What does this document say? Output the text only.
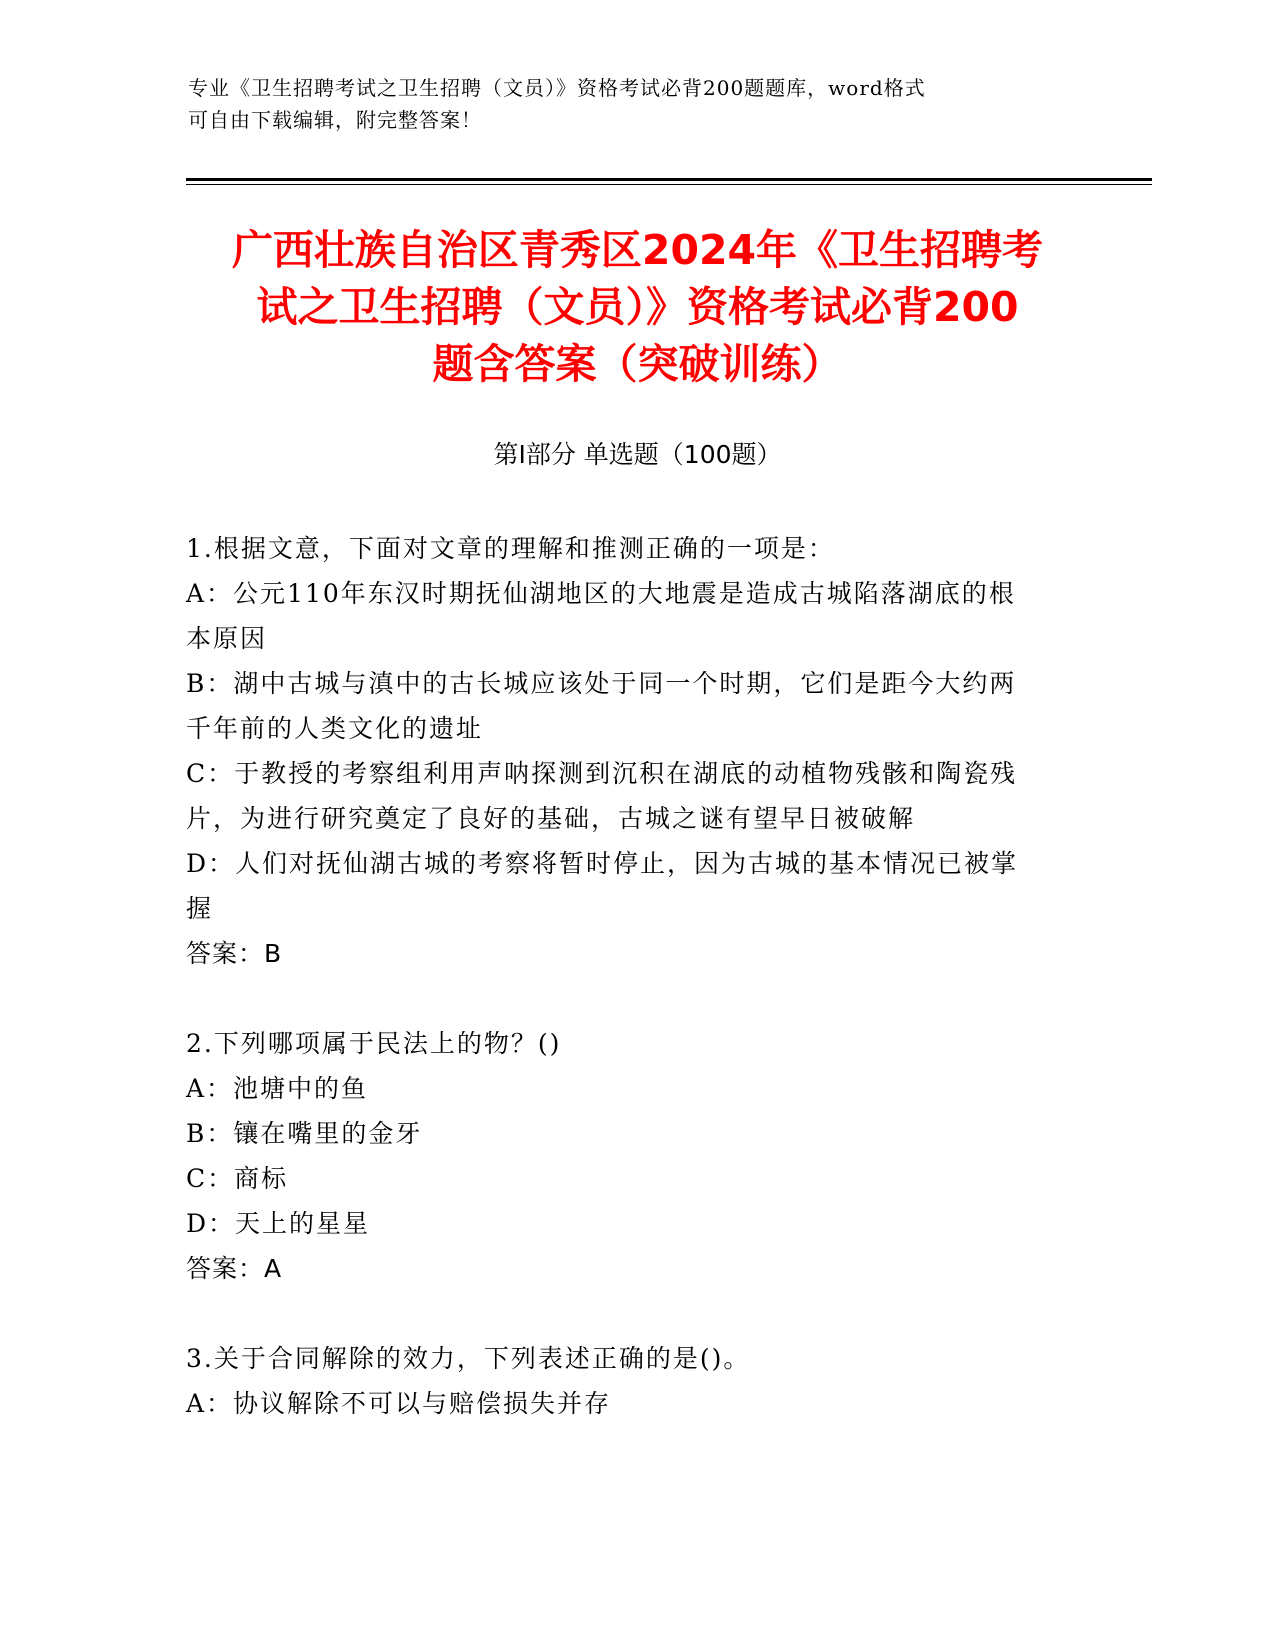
专业《卫生招聘考试之卫生招聘（文员）》资格考试必背200题题库，word格式
可自由下载编辑，附完整答案！
广西壮族自治区青秀区2024年《卫生招聘考
试之卫生招聘（文员）》资格考试必背200
题含答案（突破训练）
第Ⅰ部分 单选题（100题）
1.根据文意，下面对文章的理解和推测正确的一项是：
A：公元110年东汉时期抚仙湖地区的大地震是造成古城陷落湖底的根
本原因
B：湖中古城与滇中的古长城应该处于同一个时期，它们是距今大约两
千年前的人类文化的遗址
C：于教授的考察组利用声呐探测到沉积在湖底的动植物残骸和陶瓷残
片，为进行研究奠定了良好的基础，古城之谜有望早日被破解
D：人们对抚仙湖古城的考察将暂时停止，因为古城的基本情况已被掌
握
答案：B
2.下列哪项属于民法上的物？()
A：池塘中的鱼
B：镶在嘴里的金牙
C：商标
D：天上的星星
答案：A
3.关于合同解除的效力，下列表述正确的是()。
A：协议解除不可以与赔偿损失并存
